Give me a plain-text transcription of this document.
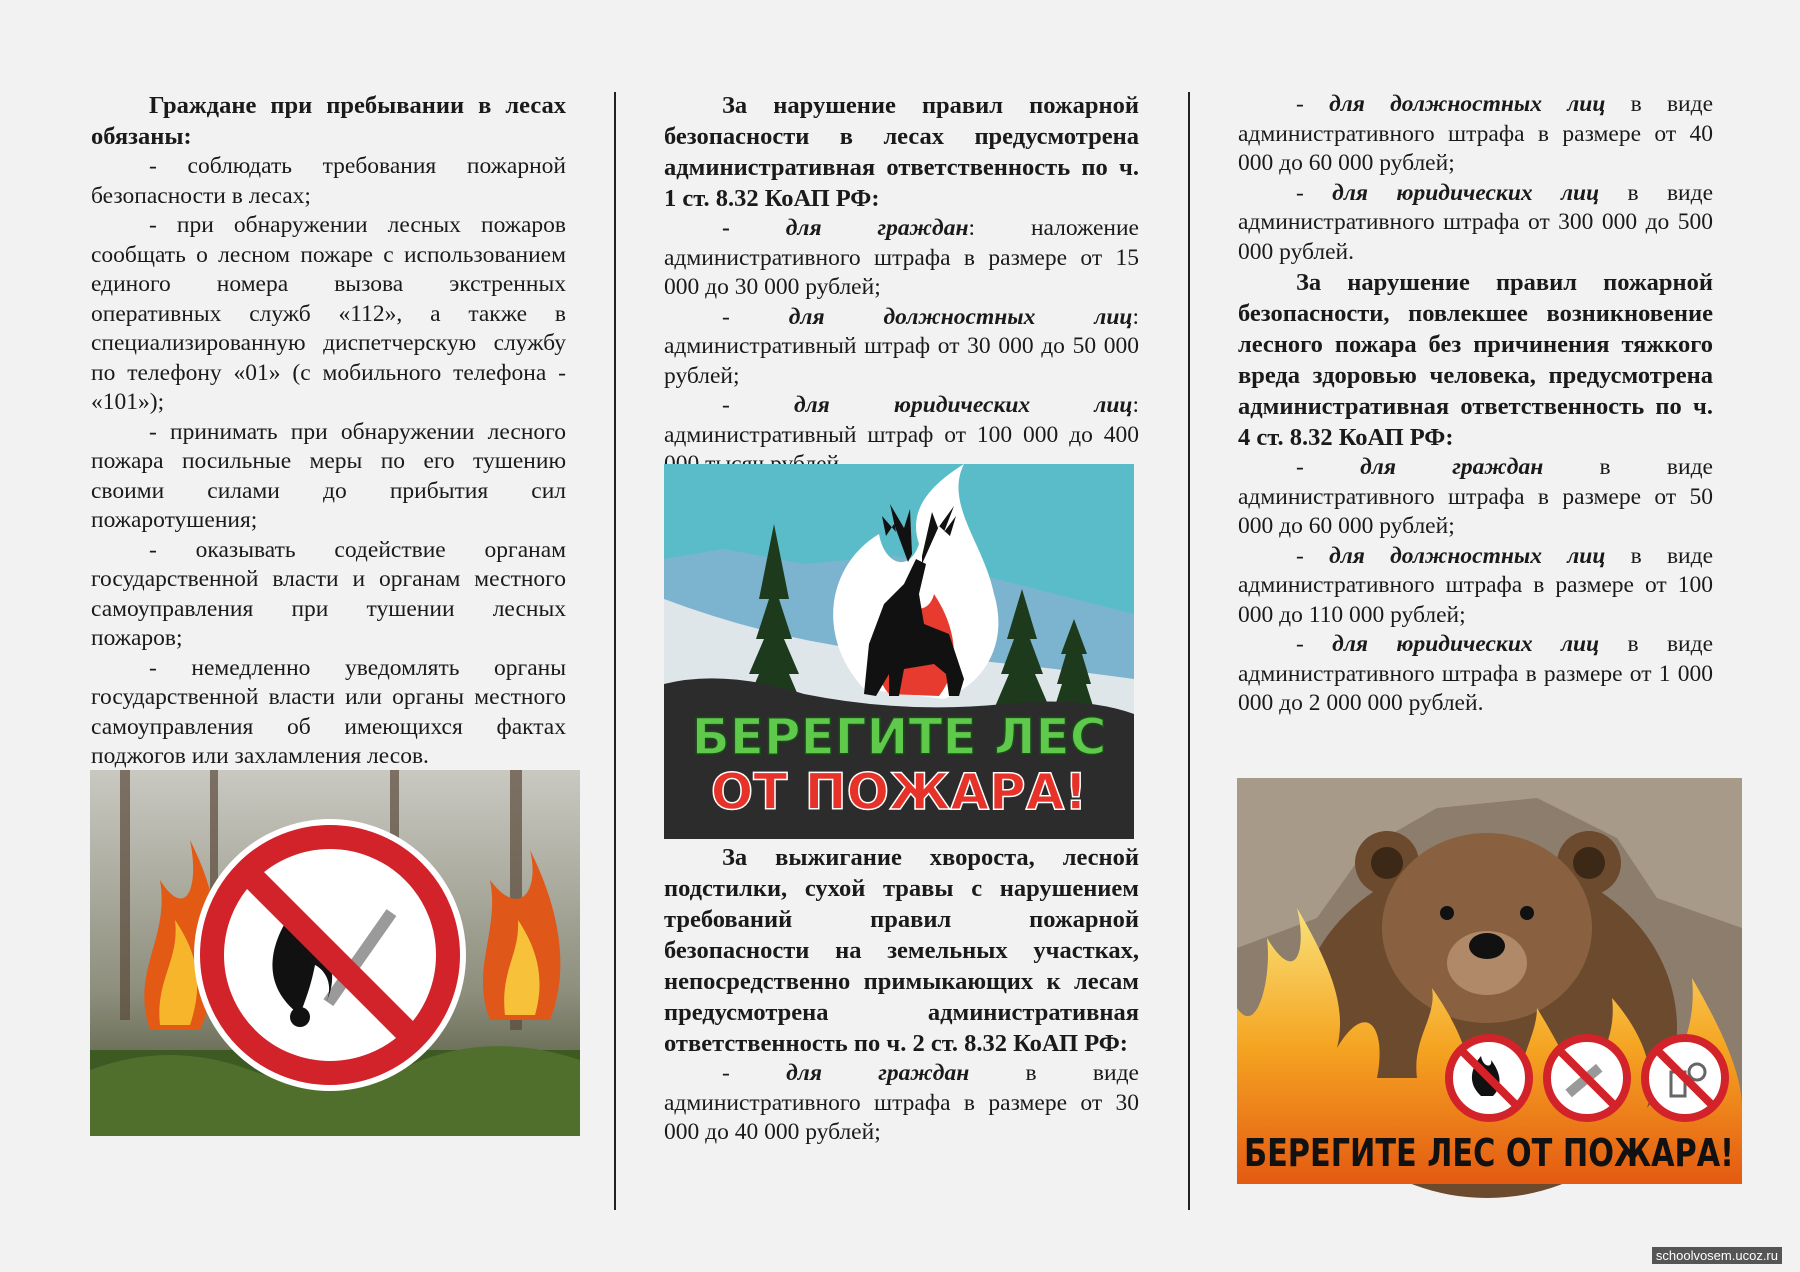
Граждане при пребывании в лесах обязаны:

- соблюдать требования пожарной безопасности в лесах;

- при обнаружении лесных пожаров сообщать о лесном пожаре с использованием единого номера вызова экстренных оперативных служб «112», а также в специализированную диспетчерскую службу по телефону «01» (с мобильного телефона - «101»);

- принимать при обнаружении лесного пожара посильные меры по его тушению своими силами до прибытия сил пожаротушения;

- оказывать содействие органам государственной власти и органам местного самоуправления при тушении лесных пожаров;

- немедленно уведомлять органы государственной власти или органы местного самоуправления об имеющихся фактах поджогов или захламления лесов.

За нарушение правил пожарной безопасности в лесах предусмотрена административная ответственность по ч. 1 ст. 8.32 КоАП РФ:

- для граждан: наложение административного штрафа в размере от 15 000 до 30 000 рублей;

- для должностных лиц: административный штраф от 30 000 до 50 000 рублей;

- для юридических лиц: административный штраф от 100 000 до 400

БЕРЕГИТЕ ЛЕС
ОТ ПОЖАРА!

За выжигание хвороста, лесной подстилки, сухой травы с нарушением требований правил пожарной безопасности на земельных участках, непосредственно примыкающих к лесам предусмотрена административная ответственность по ч. 2 ст. 8.32 КоАП РФ:

- для граждан в виде административного штрафа в размере от 30 000 до 40 000 рублей;

- для должностных лиц в виде административного штрафа в размере от 40 000 до 60 000 рублей;

- для юридических лиц в виде административного штрафа от 300 000 до 500 000 рублей.

За нарушение правил пожарной безопасности, повлекшее возникновение лесного пожара без причинения тяжкого вреда здоровью человека, предусмотрена административная ответственность по ч. 4 ст. 8.32 КоАП РФ:

- для граждан в виде административного штрафа в размере от 50 000 до 60 000 рублей;

- для должностных лиц в виде административного штрафа в размере от 100 000 до 110 000 рублей;

- для юридических лиц в виде административного штрафа в размере от 1 000 000 до 2 000 000 рублей.

БЕРЕГИТЕ ЛЕС ОТ ПОЖАРА!
schoolvosem.ucoz.ru
